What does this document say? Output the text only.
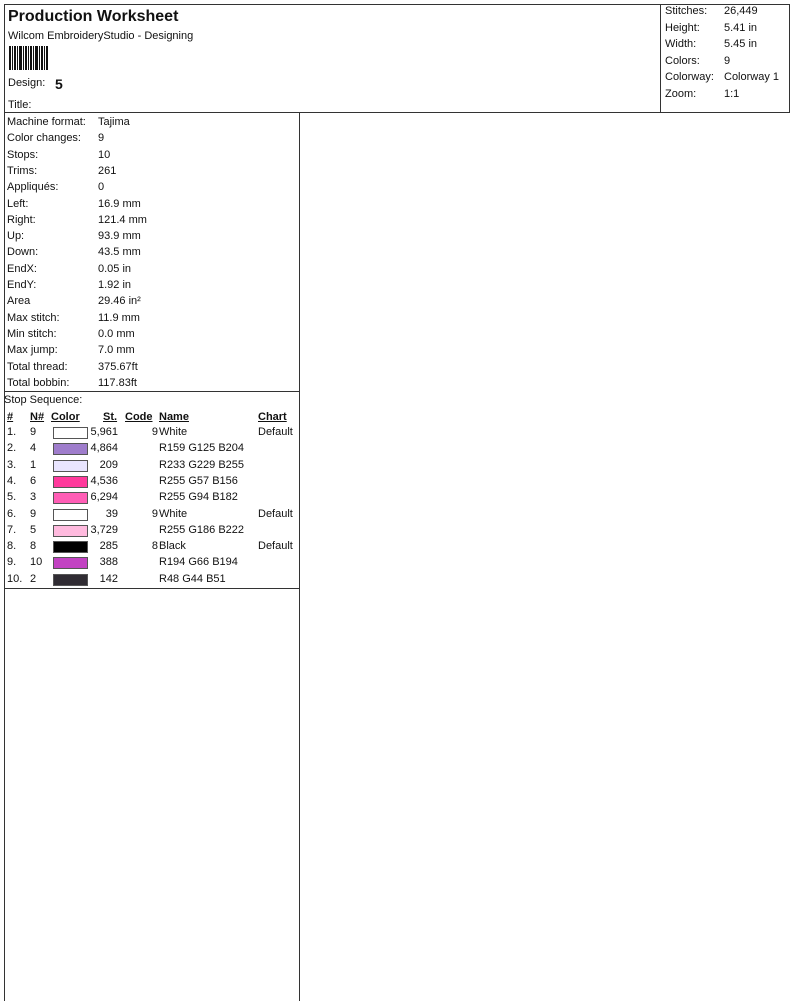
Production Worksheet
Wilcom EmbroideryStudio - Designing
Design: 5
Title:
Stitches: 26,449
Height: 5.41 in
Width:	5.45 in
Colors: 9
Colorway: Colorway 1
Zoom:	1:1
Machine format: Tajima
Color changes: 9
Stops:	10
Trims:	261
Appliqués:	0
Left:	16.9 mm
Right:	121.4 mm
Up:	93.9 mm
Down:	43.5 mm
EndX:	0.05 in
EndY:	1.92 in
Area	29.46 in²
Max stitch:	11.9 mm
Min stitch:	0.0 mm
Max jump:	7.0 mm
Total thread:	375.67ft
Total bobbin:	117.83ft
Stop Sequence:
# N# Color St. Code Name	Chart
1. 9	5,961	9 White	Default
2. 4	4,864	R159 G125 B204
3. 1	209	R233 G229 B255
4. 6	4,536	R255 G57 B156
5. 3	6,294	R255 G94 B182
6. 9	39	9 White	Default
7. 5	3,729	R255 G186 B222
8. 8	285	8 Black	Default
9. 10	388	R194 G66 B194
10. 2	142	R48 G44 B51
